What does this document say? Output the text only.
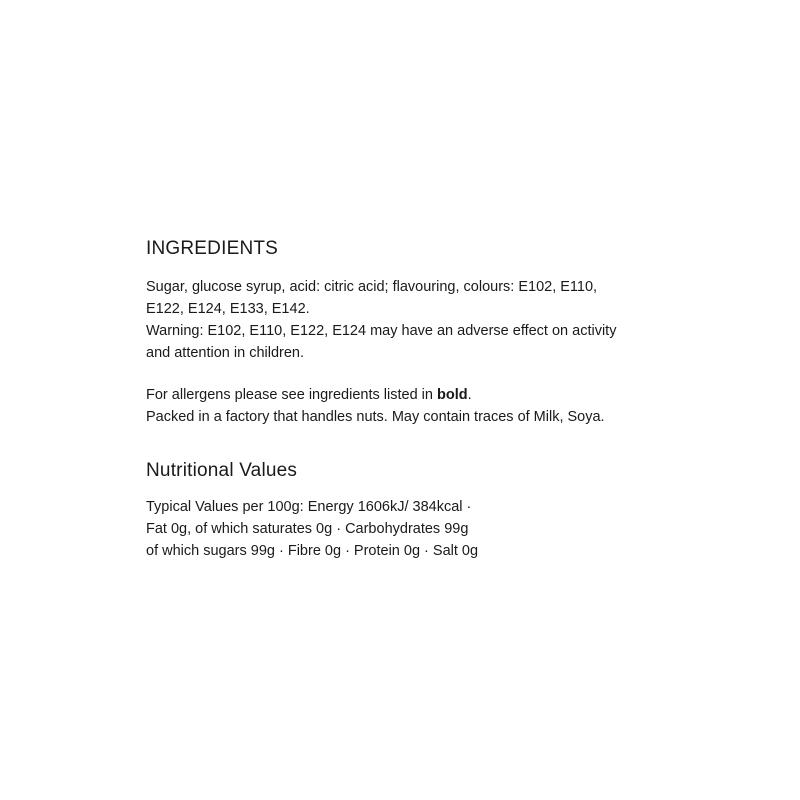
INGREDIENTS

Sugar, glucose syrup, acid: citric acid; flavouring, colours: E102, E110,
E122, E124, E133, E142.
Warning: E102, E110, E122, E124 may have an adverse effect on activity
and attention in children.

For allergens please see ingredients listed in bold.
Packed in a factory that handles nuts. May contain traces of Milk, Soya.

Nutritional Values

Typical Values per 100g: Energy 1606kJ/ 384kcal ·
Fat 0g, of which saturates 0g · Carbohydrates 99g
of which sugars 99g · Fibre 0g · Protein 0g · Salt 0g
